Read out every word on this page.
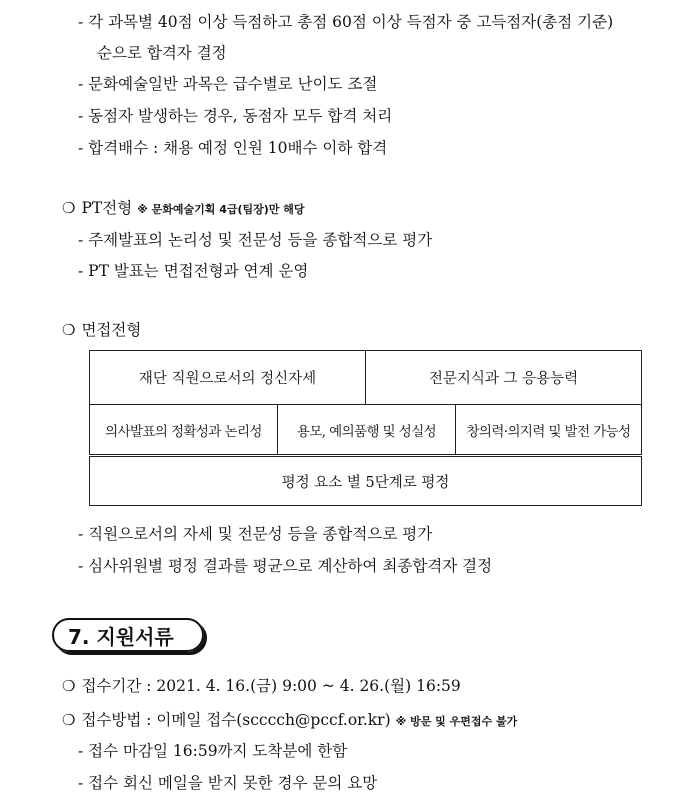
- 각 과목별 40점 이상 득점하고 총점 60점 이상 득점자 중 고득점자(총점 기준)
순으로 합격자 결정
- 문화예술일반 과목은 급수별로 난이도 조절
- 동점자 발생하는 경우, 동점자 모두 합격 처리
- 합격배수 : 채용 예정 인원 10배수 이하 합격
❍ PT전형 ※ 문화예술기획 4급(팀장)만 해당
- 주제발표의 논리성 및 전문성 등을 종합적으로 평가
- PT 발표는 면접전형과 연계 운영
❍ 면접전형
재단 직원으로서의 정신자세		전문지식과 그 응용능력	
의사발표의 정확성과 논리성	용모, 예의품행 및 성실성		창의력·의지력 및 발전 가능성
평정 요소 별 5단계로 평정			
- 직원으로서의 자세 및 전문성 등을 종합적으로 평가
- 심사위원별 평정 결과를 평균으로 계산하여 최종합격자 결정
7. 지원서류
❍ 접수기간 : 2021. 4. 16.(금) 9:00 ~ 4. 26.(월) 16:59
❍ 접수방법 : 이메일 접수(scccch@pccf.or.kr) ※ 방문 및 우편접수 불가
- 접수 마감일 16:59까지 도착분에 한함
- 접수 회신 메일을 받지 못한 경우 문의 요망
